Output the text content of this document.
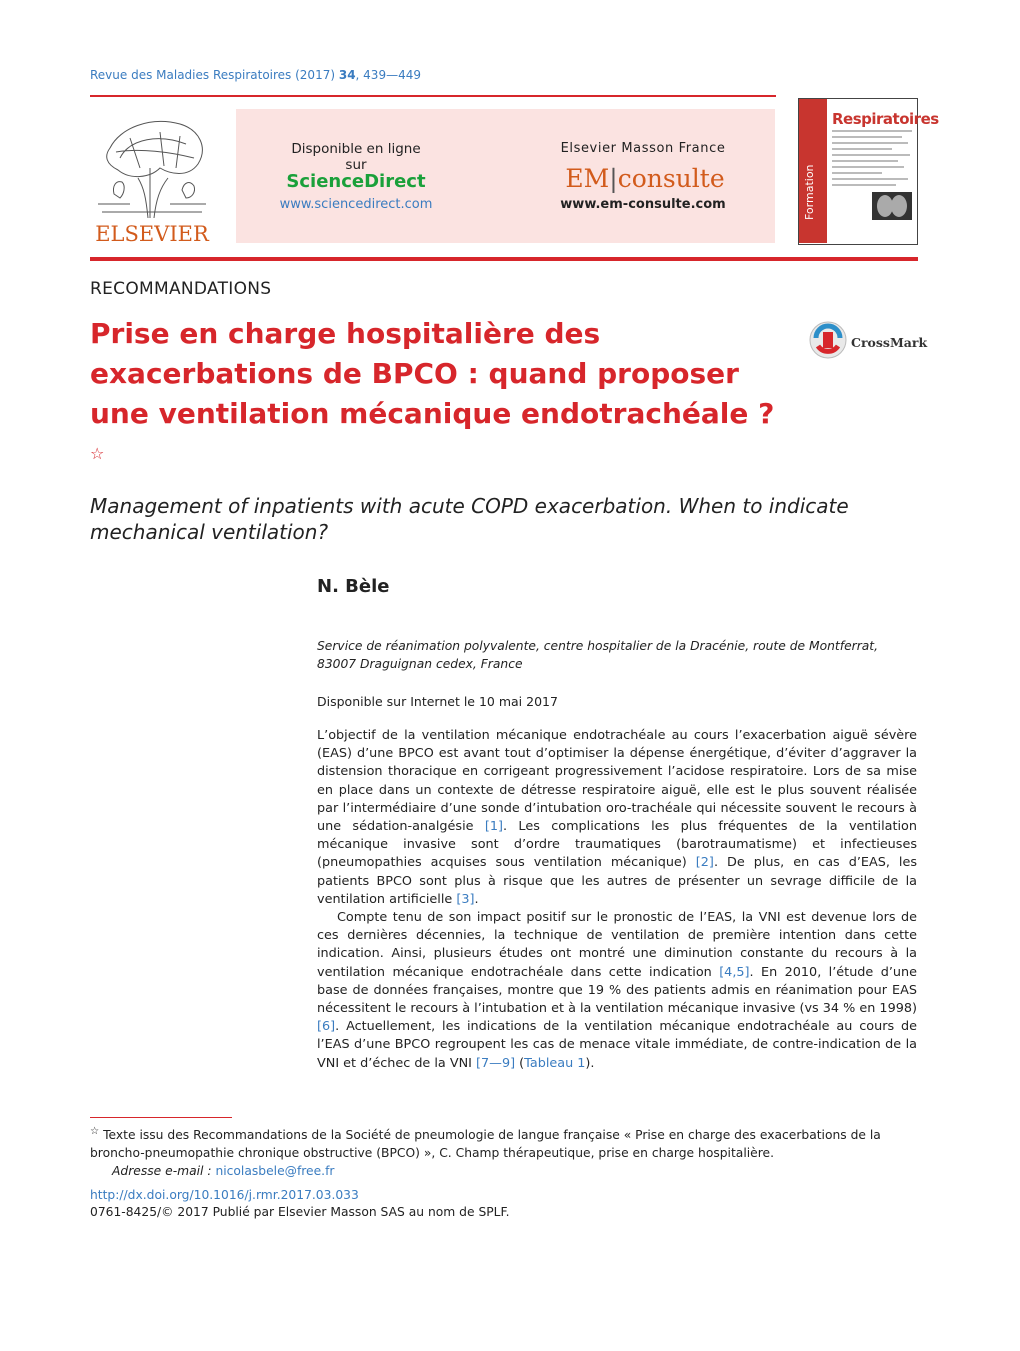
Revue des Maladies Respiratoires (2017) 34, 439—449
ELSEVIER
Disponible en ligne sur
ScienceDirect
www.sciencedirect.com
Elsevier Masson France
EM|consulte
www.em-consulte.com
Respiratoires
RECOMMANDATIONS
Prise en charge hospitalière des exacerbations de BPCO : quand proposer une ventilation mécanique endotrachéale ?☆
CrossMark
Management of inpatients with acute COPD exacerbation. When to indicate mechanical ventilation?
N. Bèle
Service de réanimation polyvalente, centre hospitalier de la Dracénie, route de Montferrat,
83007 Draguignan cedex, France
Disponible sur Internet le 10 mai 2017

L’objectif de la ventilation mécanique endotrachéale au cours l’exacerbation aiguë sévère (EAS) d’une BPCO est avant tout d’optimiser la dépense énergétique, d’éviter d’aggraver la distension thoracique en corrigeant progressivement l’acidose respiratoire. Lors de sa mise en place dans un contexte de détresse respiratoire aiguë, elle est le plus souvent réalisée par l’intermédiaire d’une sonde d’intubation oro-trachéale qui nécessite souvent le recours à une sédation-analgésie [1]. Les complications les plus fréquentes de la ventilation mécanique invasive sont d’ordre traumatiques (barotraumatisme) et infectieuses (pneumopathies acquises sous ventilation mécanique) [2]. De plus, en cas d’EAS, les patients BPCO sont plus à risque que les autres de présenter un sevrage difficile de la ventilation artificielle [3].

Compte tenu de son impact positif sur le pronostic de l’EAS, la VNI est devenue lors de ces dernières décennies, la technique de ventilation de première intention dans cette indication. Ainsi, plusieurs études ont montré une diminution constante du recours à la ventilation mécanique endotrachéale dans cette indication [4,5]. En 2010, l’étude d’une base de données françaises, montre que 19 % des patients admis en réanimation pour EAS nécessitent le recours à l’intubation et à la ventilation mécanique invasive (vs 34 % en 1998) [6]. Actuellement, les indications de la ventilation mécanique endotrachéale au cours de l’EAS d’une BPCO regroupent les cas de menace vitale immédiate, de contre-indication de la VNI et d’échec de la VNI [7—9] (Tableau 1).

☆ Texte issu des Recommandations de la Société de pneumologie de langue française « Prise en charge des exacerbations de la broncho-pneumopathie chronique obstructive (BPCO) », C. Champ thérapeutique, prise en charge hospitalière.
Adresse e-mail : nicolasbele@free.fr
http://dx.doi.org/10.1016/j.rmr.2017.03.033
0761-8425/© 2017 Publié par Elsevier Masson SAS au nom de SPLF.
